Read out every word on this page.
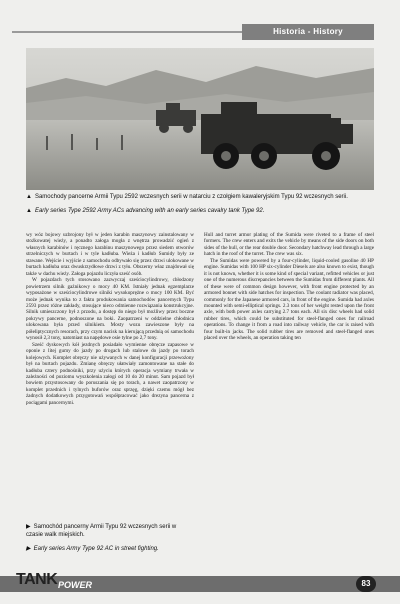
Historia - History
▲ Samochody pancerne Armii Typu 2592 wczesnych serii w natarciu z czołgiem kawaleryjskim Typu 92 wczesnych serii.
▲ Early series Type 2592 Army ACs advancing with an early series cavalry tank Type 92.

wy wóz bojowy uzbrojony był w jeden karabin maszynowy zainstalowany w stożkowatej wieży, a ponadto załoga mogła z wnętrza prowadzić ogień z własnych karabinów i ręcznego karabinu maszynowego przez siedem otworów strzelniczych w burtach i w tyle kadłuba. Wieża i kadłub Sumidy były ze stawane. Wejście i wyjście z samochodu odbywało się przez drzwi ulokowane w burtach kadłuba oraz dwuskrzydłowe drzwi z tyłu. Obszerny właz znajdował się także w dachu wieży. Załoga pojazdu liczyła sześć osób.

W pojazdach tych stosowano zazwyczaj sześciocylindrowy, chłodzony powietrzem silnik gaźnikowy o mocy 40 KM. Istniały jednak egzemplarze wyposażone w sześciocylindrowe silniki wysokoprężne o mocy 100 KM. Być może jednak wynika to z faktu produkowania samochodów pancernych Typu 2593 przez różne zakłady, stosujące nieco odmienne rozwiązania konstrukcyjne. Silnik umieszczony był z przodu, a dostęp do niego był możliwy przez boczne pokrywy pancerne, podnoszone na boki. Zaopatrzeni w oddzielne chłodnica ulokowana była przed silnikiem. Mosty wozu zawieszone były na półeliptycznych resorach, przy czym nacisk na kierującą przednią oś samochodu wynosił 2,3 tony, natomiast na napędowe osie tylne po 2,7 tony.

Sześć dyskowych kół jezdnych posiadało wymienne obręcze zapasowe w oponie z litej gumy do jazdy po drogach lub stalowe do jazdy po torach kolejowych. Komplet obręczy nie używanych w danej konfiguracji przewożony był na burtach pojazdu. Zmianę obręczy ułatwiały zamontowane na stałe do kadłuba cztery podnośniki, przy użyciu których operacja wymiany trwała w zależności od poziomu wyszkolenia załogi od 10 do 20 minut. Sam pojazd był bowiem przystosowany do poruszania się po torach, a nawet zaopatrzony w komplet przednich i tylnych buforów oraz sprzęg, dzięki czemu mógł bez żadnych dodatkowych przygotowań współpracować jako drezyna pancerna z pociągami pancernymi.

▶ Samochód pancerny Armii Typu 92 wczesnych serii w czasie walk miejskich.
▶ Early series Army Type 92 AC in street fighting.

Hull and turret armor plating of the Sumida were riveted to a frame of steel formers. The crew enters and exits the vehicle by means of the side doors on both sides of the hull, or the rear double door. Secondary hatchway lead through a large hatch in the roof of the turret. The crew was six.

The Sumidas were powered by a four-cylinder, liquid-cooled gasoline 40 HP engine. Sumidas with 100 HP six-cylinder Diesels are also known to exist, though it is not known, whether it is some kind of special variant, refitted vehicles or just one of the numerous discrepancies between the Sumidas from different plants. All of these were of common design however, with front engine protected by an armored bonnet with side hatches for inspection. The coolant radiator was placed, commonly for the Japanese armored cars, in front of the engine. Sumida had axles mounted with semi-elliptical springs. 2.3 tons of her weight rested upon the front axle, with both power axles carrying 2.7 tons each. All six disc wheels had solid rubber tires, which could be substituted for steel-flanged ones for railroad operations. To change it from a road into railway vehicle, the car is raised with four built-in jacks. The solid rubber tires are removed and steel-flanged ones placed over the wheels, an operation taking ten

TANK POWER	83
